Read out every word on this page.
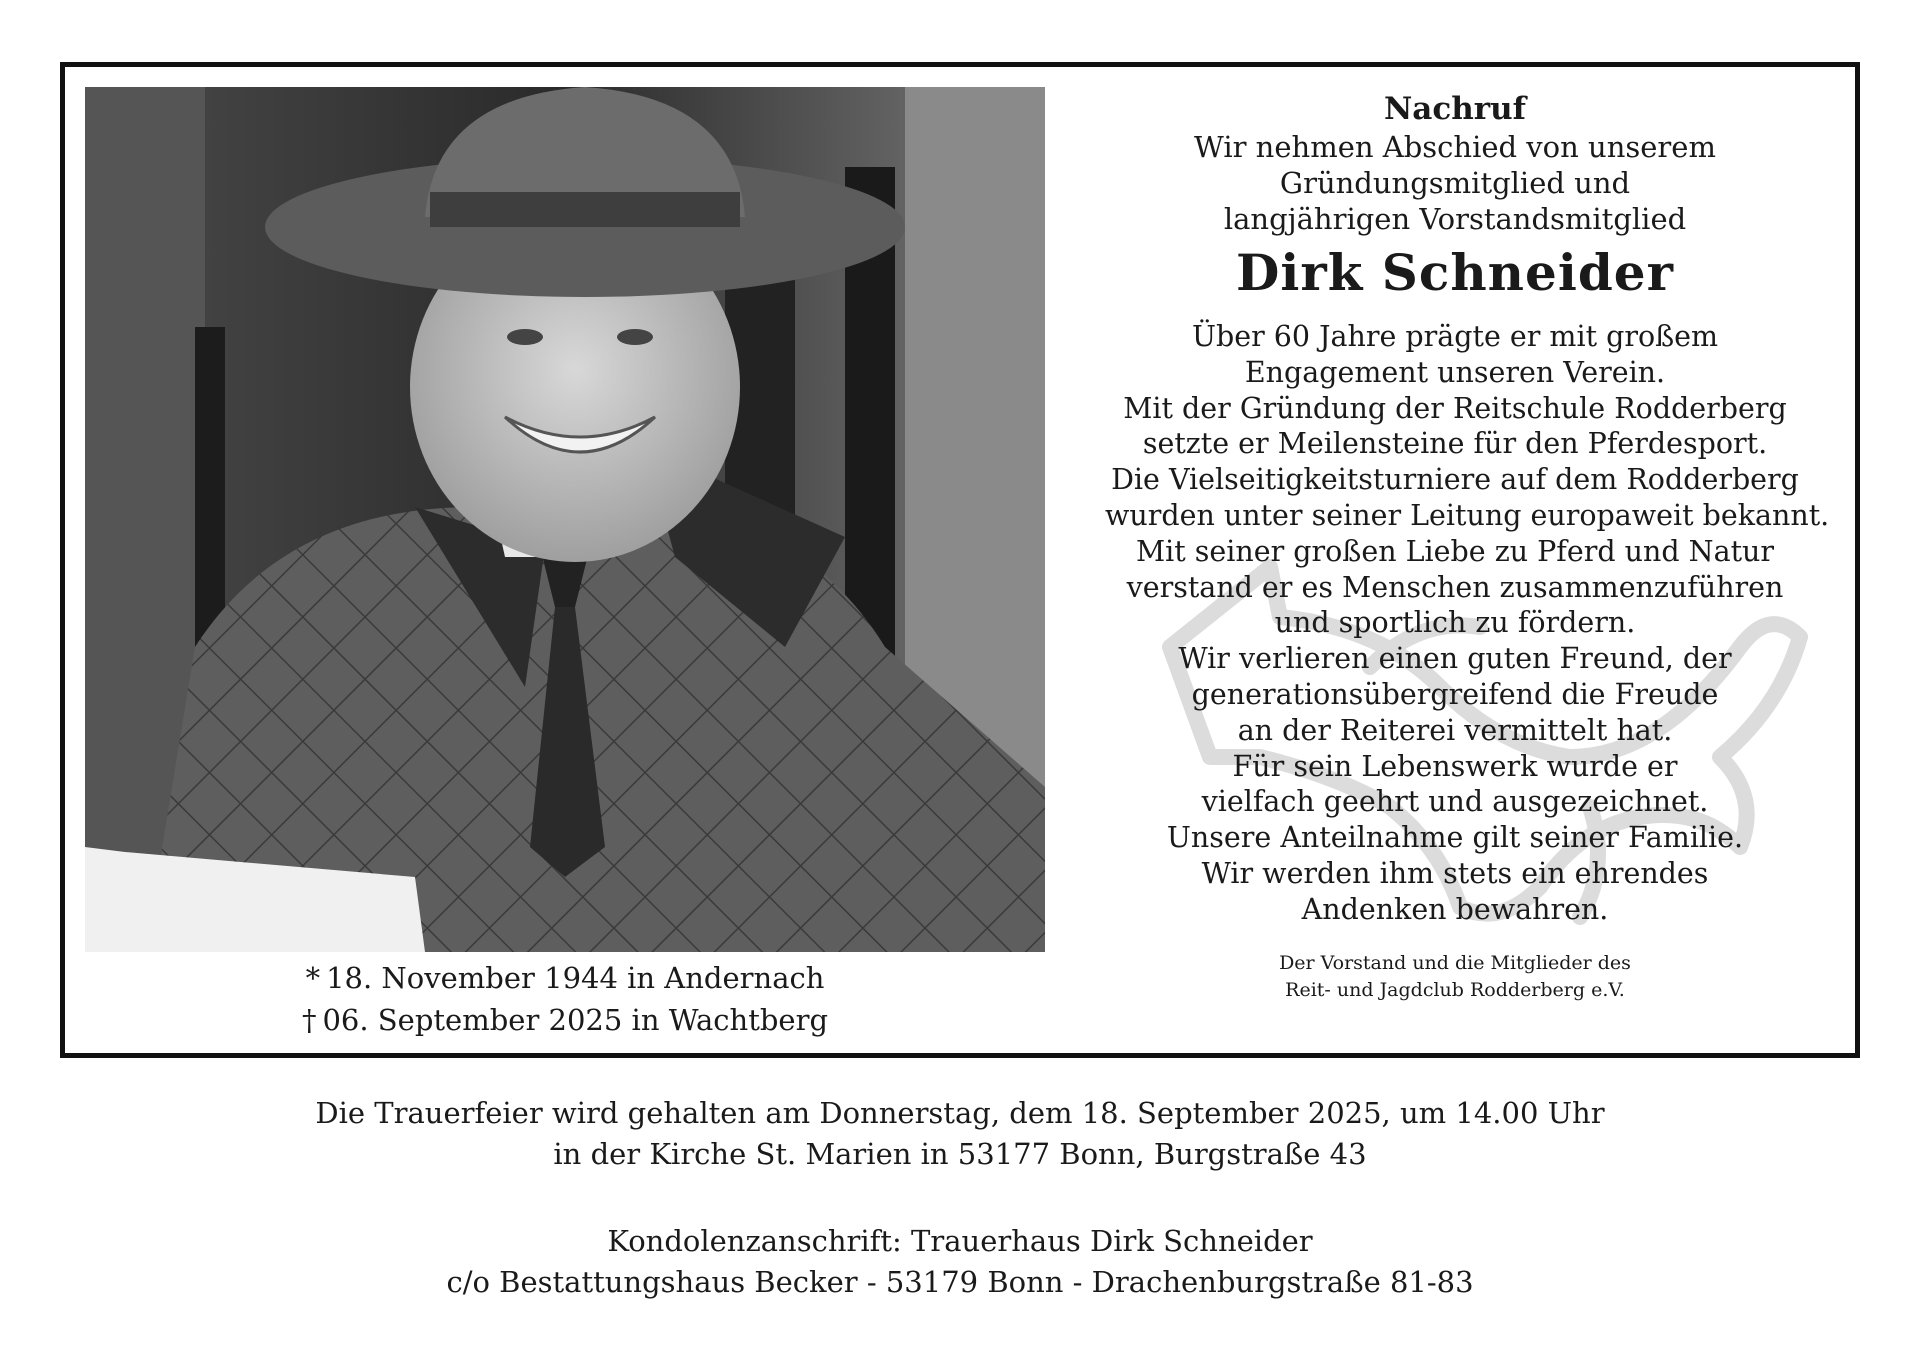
* 18. November 1944 in Andernach
† 06. September 2025 in Wachtberg
Nachruf
Wir nehmen Abschied von unserem
Gründungsmitglied und
langjährigen Vorstandsmitglied
Dirk Schneider
Über 60 Jahre prägte er mit großem
Engagement unseren Verein.
Mit der Gründung der Reitschule Rodderberg
setzte er Meilensteine für den Pferdesport.
Die Vielseitigkeitsturniere auf dem Rodderberg
wurden unter seiner Leitung europaweit bekannt.
Mit seiner großen Liebe zu Pferd und Natur
verstand er es Menschen zusammenzuführen
und sportlich zu fördern.
Wir verlieren einen guten Freund, der
generationsübergreifend die Freude
an der Reiterei vermittelt hat.
Für sein Lebenswerk wurde er
vielfach geehrt und ausgezeichnet.
Unsere Anteilnahme gilt seiner Familie.
Wir werden ihm stets ein ehrendes
Andenken bewahren.
Der Vorstand und die Mitglieder des
Reit- und Jagdclub Rodderberg e.V.
Die Trauerfeier wird gehalten am Donnerstag, dem 18. September 2025, um 14.00 Uhr
in der Kirche St. Marien in 53177 Bonn, Burgstraße 43
Kondolenzanschrift: Trauerhaus Dirk Schneider
c/o Bestattungshaus Becker - 53179 Bonn - Drachenburgstraße 81-83
